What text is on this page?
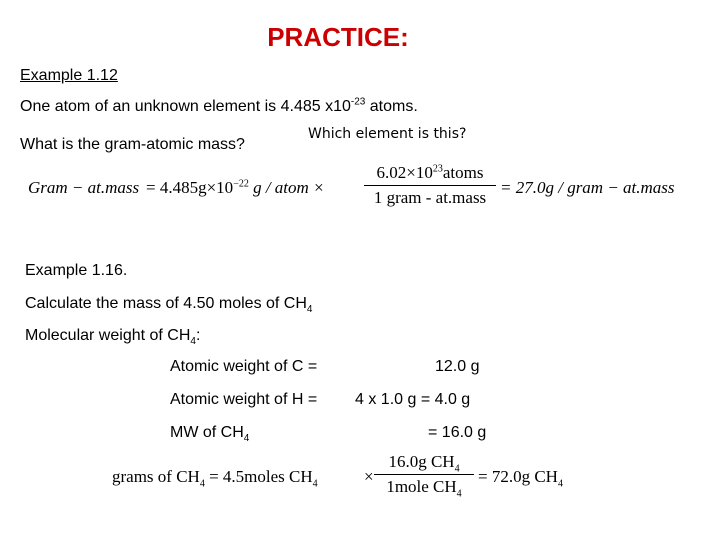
PRACTICE:
Example 1.12
One atom of an unknown element is 4.485 $x10^{-23}$ atoms.
What is the gram-atomic mass?
Which element is this?
Gram − at.mass = $4.485g\times 10^{-22}$ g / atom ×
$6.02\times 10^{23}atoms$
1 gram - at.mass
= 27.0g / gram − at.mass
Example 1.16.
Calculate the mass of 4.50 moles of $CH_4$
Molecular weight of $CH_4$:
Atomic weight of C =	12.0 g
Atomic weight of H = 4 x 1.0 g = 4.0 g
MW of $CH_4$	= 16.0 g
grams of $CH_4$ = 4.5moles $CH_4$	×
16.0g $CH_4$
1mole $CH_4$
= 72.0g $CH_4$
